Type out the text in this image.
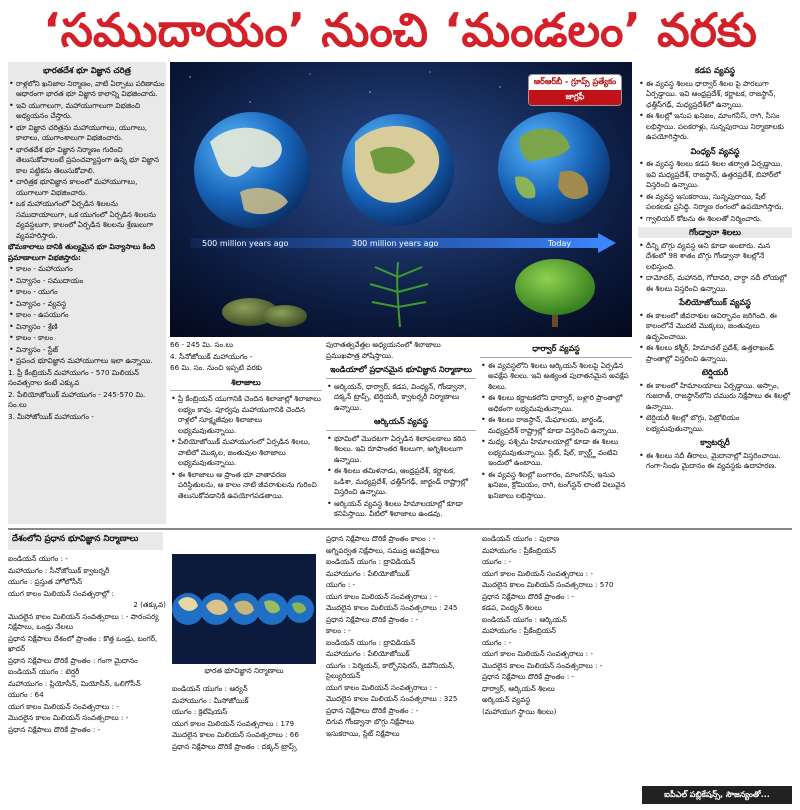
‘సముదాయం’ నుంచి ‘మండలం’ వరకు
భారతదేశ భూ విజ్ఞాన చరిత్ర
• రాళ్లలోని ఖనిజాల నిర్మాణం, వాటి ఏర్పాటు పరిణామం ఆధారంగా భారత భూ విజ్ఞాన కాలాన్ని విభజించారు.
• ఇవి యుగాలుగా, మహాయుగాలుగా విభజించి అధ్యయనం చేస్తారు.
• భూ విజ్ఞాన చరిత్రను మహాయుగాలు, యుగాలు, కాలాలు, యుగాంశాలుగా విభజించారు.
• భారతదేశ భూ విజ్ఞాన నిర్మాణం గురించి తెలుసుకోవాలంటే ప్రపంచవ్యాప్తంగా ఉన్న భూ విజ్ఞాన కాల పట్టికను తెలుసుకోవాలి.
• చారిత్రక భూవిజ్ఞాన కాలంలో మహాయుగాలు, యుగాలుగా విభజించారు.
• ఒక మహాయుగంలో ఏర్పడిన శిలలను సముదాయాలుగా, ఒక యుగంలో ఏర్పడిన శిలలను వ్యవస్థలుగా, కాలంలో ఏర్పడిన శిలలను శ్రేణులుగా వ్యవహరిస్తారు.

భౌమకాలాలు దానికి తుల్యమైన భూ విన్యాసాలు కింది ప్రమాణాలుగా విభజిస్తారు:

• కాలం - మహాయుగం
• విన్యాసం - సముదాయం
• కాలం - యుగం
• విన్యాసం - వ్యవస్థ
• కాలం - ఉపయుగం
• విన్యాసం - శ్రేణి
• కాలం - కాలం
• విన్యాసం - స్టేజ్
• ప్రపంచ భూవిజ్ఞాన మహాయుగాలు ఇలా ఉన్నాయి.

1. ప్రీ కేంబ్రియన్ మహాయుగం - 570 మిలియన్ సంవత్సరాల కంటే ఎక్కువ

2. పేలియోజోయిక్ మహాయుగం - 245-570 మి. సం.లు

3. మీసోజోయిక్ మహాయుగం -

500 million years ago	300 million years ago	Today
ఆర్‌ఆర్‌బీ - గ్రూప్స్ ప్రత్యేకం
జాగ్రఫీ

66 - 245 మి. సం.లు

4. సీనోజోయిక్ మహాయుగం -

66 మి. సం. నుంచి ఇప్పటి వరకు

శిలాజాలు
• ప్రీ కేంబ్రియన్ యుగానికి చెందిన శిలాజాల్లో శిలాజాలు లభ్యం కావు. పూర్వపు మహాయుగానికి చెందిన రాళ్లలో సూక్ష్మజీవుల శిలాజాలు లభ్యమవుతున్నాయి.
• పేలియోజోయిక్ మహాయుగంలో ఏర్పడిన శిలలు, వాటిలో మొక్కల, జంతువుల శిలాజాలు లభ్యమవుతున్నాయి.
• ఈ శిలాజాలు ఆ ప్రాంత భూ వాతావరణ పరిస్థితులను, ఆ కాలం నాటి జీవరాశులను గురించి తెలుసుకోవడానికి ఉపయోగపడతాయి.

పురాతత్వవేత్తల అధ్యయనంలో శిలాజాలు ప్రముఖపాత్ర పోషిస్తాయి.

ఇండియాలో ప్రధానమైన భూవిజ్ఞాన నిర్మాణాలు
• ఆర్కియన్, ధార్వార్, కడప, వింధ్యన్, గోండ్వానా, దక్కన్ ట్రాప్స్, టెర్షియరీ, క్వాటర్నరీ నిర్మాణాలు ఉన్నాయి.
ఆర్కియన్ వ్యవస్థ
• భూమిలో మొదటగా ఏర్పడిన శిలాఫలకాలు కఠిన శిలలు. ఇవి రూపాంతర శిలలుగా, అగ్నిశిలలుగా ఉన్నాయి.
• ఈ శిలలు తమిళనాడు, ఆంధ్రప్రదేశ్, కర్ణాటక, ఒడిశా, మధ్యప్రదేశ్, ఛత్తీస్‌గఢ్, జార్ఖండ్ రాష్ట్రాల్లో విస్తరించి ఉన్నాయి.
• ఆర్కియన్ వ్యవస్థ శిలలు హిమాలయాల్లో కూడా కనిపిస్తాయి. వీటిలో శిలాజాలు ఉండవు.
ధార్వార్ వ్యవస్థ
• ఈ వ్యవస్థలోని శిలలు ఆర్కియన్ శిలలపై ఏర్పడిన అవక్షేప శిలలు. ఇవి అత్యంత పురాతనమైన అవక్షేప శిలలు.
• ఈ శిలలు కర్ణాటకలోని ధార్వార్, బళ్లారి ప్రాంతాల్లో అధికంగా లభ్యమవుతున్నాయి.
• ఈ శిలలు రాజస్థాన్, మేఘాలయ, జార్ఖండ్, మధ్యప్రదేశ్ రాష్ట్రాల్లో కూడా విస్తరించి ఉన్నాయి.
• మధ్య, పశ్చిమ హిమాలయాల్లో కూడా ఈ శిలలు లభ్యమవుతున్నాయి. స్లేట్, షేల్, క్వార్ట్జ్ వంటివి ఇందులో ఉంటాయి.
• ఈ వ్యవస్థ శిలల్లో బంగారం, మాంగనీస్, ఇనుప ఖనిజం, క్రోమియం, రాగి, టంగ్‌స్టన్ లాంటి విలువైన ఖనిజాలు లభిస్తాయి.
కడప వ్యవస్థ
• ఈ వ్యవస్థ శిలలు ధార్వార్ శిలల పై పొరలుగా ఏర్పడ్డాయి. ఇవి ఆంధ్రప్రదేశ్, కర్ణాటక, రాజస్థాన్, ఛత్తీస్‌గఢ్, మధ్యప్రదేశ్‌లో ఉన్నాయి.
• ఈ శిలల్లో ఇనుప ఖనిజం, మాంగనీస్, రాగి, సీసం లభిస్తాయి. పలకరాళ్లు, సున్నపురాయి నిర్మాణాలకు ఉపయోగిస్తారు.
వింధ్యన్ వ్యవస్థ
• ఈ వ్యవస్థ శిలలు కడప శిలల తర్వాత ఏర్పడ్డాయి. ఇవి మధ్యప్రదేశ్, రాజస్థాన్, ఉత్తరప్రదేశ్, బిహార్‌లో విస్తరించి ఉన్నాయి.
• ఈ వ్యవస్థ ఇసుకరాయి, సున్నపురాయి, షేల్ పలకలకు ప్రసిద్ధి. నిర్మాణ రంగంలో ఉపయోగిస్తారు.
• గ్వాలియర్ కోటను ఈ శిలలతో నిర్మించారు.
గోండ్వానా శిలలు
• దీన్ని బొగ్గు వ్యవస్థ అని కూడా అంటారు. మన దేశంలో 98 శాతం బొగ్గు గోండ్వానా శిలల్లోనే లభిస్తుంది.
• దామోదర్, మహానది, గోదావరి, వార్ధా నదీ లోయల్లో ఈ శిలలు విస్తరించి ఉన్నాయి.
పేలియోజోయిక్ వ్యవస్థ
• ఈ కాలంలో జీవరాశుల ఆవిర్భావం జరిగింది. ఈ కాలంలోనే మొదటి మొక్కలు, జంతువులు ఉద్భవించాయి.
• ఈ శిలలు కశ్మీర్, హిమాచల్ ప్రదేశ్, ఉత్తరాఖండ్ ప్రాంతాల్లో విస్తరించి ఉన్నాయి.
టెర్షియరీ
• ఈ కాలంలో హిమాలయాలు ఏర్పడ్డాయి. అస్సాం, గుజరాత్, రాజస్థాన్‌లోని చమురు నిక్షేపాలు ఈ శిలల్లో ఉన్నాయి.
• టెర్షియరీ శిలల్లో బొగ్గు, పెట్రోలియం లభ్యమవుతున్నాయి.
క్వాటర్నరీ
• ఈ శిలలు నదీ తీరాలు, మైదానాల్లో విస్తరించాయి. గంగా-సింధు మైదానం ఈ వ్యవస్థకు ఉదాహరణ.
ఐపీఎల్ పబ్లికేషన్స్, సౌజన్యంతో...
దేశంలోని ప్రధాన భూవిజ్ఞాన నిర్మాణాలు

ఐండియన్ యుగం : -

మహాయుగం : సీనోజోయిక్ క్వాటర్నరీ

యుగం : ప్రస్తుత హోలోసీన్

యుగ కాలం మిలియన్ సంవత్సరాల్లో :

2 (తక్కువ)

మొదలైన కాలం మిలియన్ సంవత్సరాలు : - పారంపర్య నిక్షేపాలు, ఒండ్రు నేలలు

ప్రధాన నిక్షేపాలు దేశంలో ప్రాంతం : కొత్త ఒండ్రు, బంగర్, ఖాదర్

ప్రధాన నిక్షేపాలు దొరికే ప్రాంతం : గంగా మైదానం

ఐండియన్ యుగం : టెర్షరీ

మహాయుగం : ప్లియోసీన్, మియోసీన్, ఒలిగోసీన్

యుగం : 64

యుగ కాలం మిలియన్ సంవత్సరాలు : -

మొదలైన కాలం మిలియన్ సంవత్సరాలు : -

ప్రధాన నిక్షేపాలు దొరికే ప్రాంతం : -

భారత భూవిజ్ఞాన నిర్మాణాలు

ఐండియన్ యుగం : ఆర్యన్

మహాయుగం : మీసోజోయిక్

యుగం : క్రెటేషియస్

యుగ కాలం మిలియన్ సంవత్సరాలు : 179

మొదలైన కాలం మిలియన్ సంవత్సరాలు : 66

ప్రధాన నిక్షేపాలు దొరికే ప్రాంతం : దక్కన్ ట్రాప్స్

ప్రధాన నిక్షేపాలు దొరికే ప్రాంతం కాలం : -

అగ్నిపర్వత నిక్షేపాలు, సముద్ర అవక్షేపాలు

ఐండియన్ యుగం : ద్రావిడియన్

మహాయుగం : పేలియోజోయిక్

యుగం : -

యుగ కాలం మిలియన్ సంవత్సరాలు : -

మొదలైన కాలం మిలియన్ సంవత్సరాలు : 245

ప్రధాన నిక్షేపాలు దొరికే ప్రాంతం : -

కాలం : -

ఐండియన్ యుగం : ద్రావిడియన్

మహాయుగం : పేలియోజోయిక్

యుగం : పెర్మియన్, కార్బోనిఫెరస్, డెవోనియన్, సైల్యురియన్

యుగ కాలం మిలియన్ సంవత్సరాలు : -

మొదలైన కాలం మిలియన్ సంవత్సరాలు : 325

ప్రధాన నిక్షేపాలు దొరికే ప్రాంతం : -

దిగువ గోండ్వానా బొగ్గు నిక్షేపాలు

ఇసుకరాయి, స్లేట్ నిక్షేపాలు

ఐండియన్ యుగం : పురాణ

మహాయుగం : ప్రీకేంబ్రియన్

యుగం : -

యుగ కాలం మిలియన్ సంవత్సరాలు : -

మొదలైన కాలం మిలియన్ సంవత్సరాలు : 570

ప్రధాన నిక్షేపాలు దొరికే ప్రాంతం : -

కడప, వింధ్యన్ శిలలు

ఐండియన్ యుగం : ఆర్కియన్

మహాయుగం : ప్రీకేంబ్రియన్

యుగం : -

యుగ కాలం మిలియన్ సంవత్సరాలు : -

మొదలైన కాలం మిలియన్ సంవత్సరాలు : -

ప్రధాన నిక్షేపాలు దొరికే ప్రాంతం : -

ధార్వార్, ఆర్కియన్ శిలలు

అర్కియన్ వ్యవస్థ

(మహాయుగ స్థాయి శిలలు)
